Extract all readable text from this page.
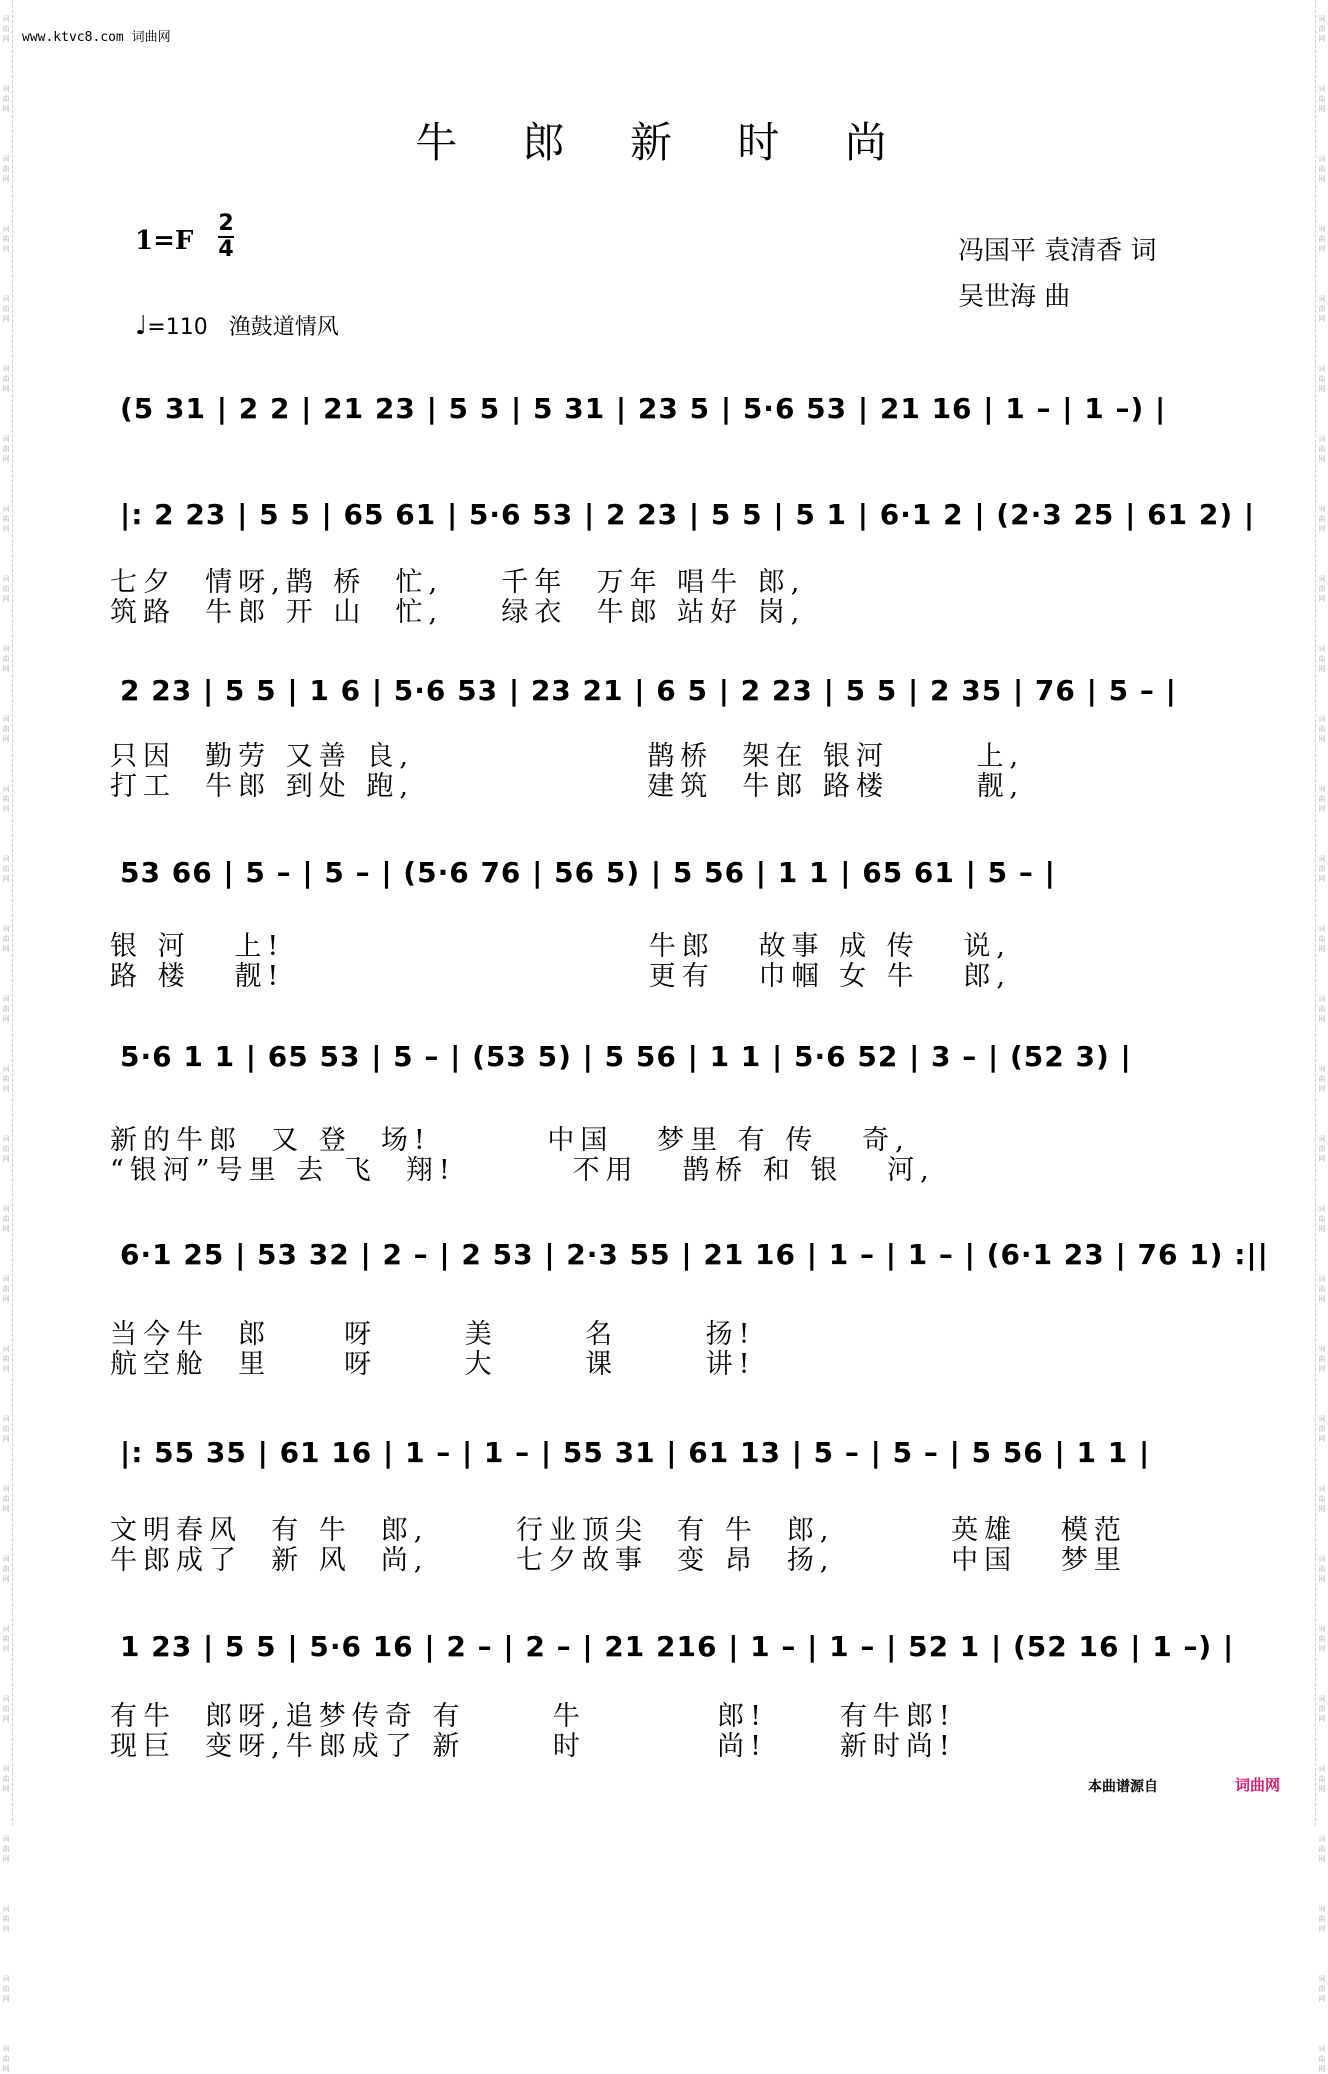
词曲网
词曲网
词曲网
词曲网
词曲网
词曲网
词曲网
词曲网
词曲网
词曲网
词曲网
词曲网
词曲网
词曲网
词曲网
词曲网
词曲网
词曲网
词曲网
词曲网
词曲网
词曲网
词曲网
词曲网
词曲网
词曲网
词曲网
词曲网
词曲网
词曲网
词曲网
词曲网
词曲网
词曲网
词曲网
词曲网
词曲网
词曲网
词曲网
词曲网
词曲网
词曲网
词曲网
词曲网
词曲网
词曲网
词曲网
词曲网
词曲网
词曲网
词曲网
词曲网
词曲网
词曲网
词曲网
词曲网
词曲网
词曲网
词曲网
词曲网
www.ktvc8.com 词曲网
牛 郎 新 时 尚
1=F
2
4	冯国平 袁清香 词
吴世海 曲
♩=110 渔鼓道情风
(5 31 | 2 2 | 21 23 | 5 5 | 5 31 | 23 5 | 5·6 53 | 21 16 | 1 – | 1 –) |
|: 2 23 | 5 5 | 65 61 | 5·6 53 | 2 23 | 5 5 | 5 1 | 6·1 2 | (2·3 25 | 61 2) |
七夕  情呀,鹊 桥  忙,    千年  万年 唱牛 郎,
筑路  牛郎 开 山  忙,    绿衣  牛郎 站好 岗,
2 23 | 5 5 | 1 6 | 5·6 53 | 23 21 | 6 5 | 2 23 | 5 5 | 2 35 | 76 | 5 – |
只因  勤劳 又善 良,                鹊桥  架在 银河      上,
打工  牛郎 到处 跑,                建筑  牛郎 路楼      靓,
53 66 | 5 – | 5 – | (5·6 76 | 56 5) | 5 56 | 1 1 | 65 61 | 5 – |
银 河   上!                         牛郎   故事 成 传   说,
路 楼   靓!                         更有   巾帼 女 牛   郎,
5·6 1 1 | 65 53 | 5 – | (53 5) | 5 56 | 1 1 | 5·6 52 | 3 – | (52 3) |
新的牛郎  又 登  场!        中国   梦里 有 传   奇,
“银河”号里 去 飞  翔!        不用   鹊桥 和 银   河,
6·1 25 | 53 32 | 2 – | 2 53 | 2·3 55 | 21 16 | 1 – | 1 – | (6·1 23 | 76 1) :||
当今牛  郎     呀      美      名      扬!
航空舱  里     呀      大      课      讲!
|: 55 35 | 61 16 | 1 – | 1 – | 55 31 | 61 13 | 5 – | 5 – | 5 56 | 1 1 |
文明春风  有 牛  郎,      行业顶尖  有 牛  郎,        英雄   模范
牛郎成了  新 风  尚,      七夕故事  变 昂  扬,        中国   梦里
1 23 | 5 5 | 5·6 16 | 2 – | 2 – | 21 216 | 1 – | 1 – | 52 1 | (52 16 | 1 –) |
有牛  郎呀,追梦传奇 有      牛         郎!     有牛郎!
现巨  变呀,牛郎成了 新      时         尚!     新时尚!
本曲谱源自	词曲网
